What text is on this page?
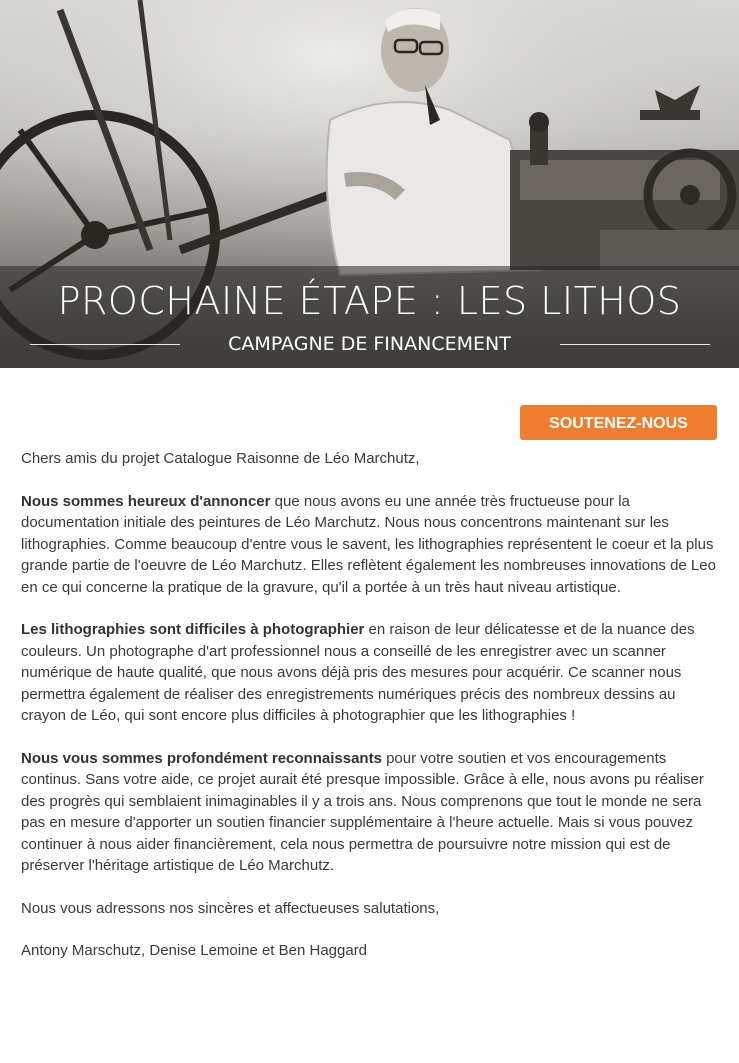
PROCHAINE ÉTAPE : LES LITHOS
CAMPAGNE DE FINANCEMENT
SOUTENEZ-NOUS

Chers amis du projet Catalogue Raisonne de Léo Marchutz,

Nous sommes heureux d'annoncer que nous avons eu une année très fructueuse pour la documentation initiale des peintures de Léo Marchutz. Nous nous concentrons maintenant sur les lithographies. Comme beaucoup d'entre vous le savent, les lithographies représentent le coeur et la plus grande partie de l'oeuvre de Léo Marchutz. Elles reflètent également les nombreuses innovations de Leo en ce qui concerne la pratique de la gravure, qu'il a portée à un très haut niveau artistique.

Les lithographies sont difficiles à photographier en raison de leur délicatesse et de la nuance des couleurs. Un photographe d'art professionnel nous a conseillé de les enregistrer avec un scanner numérique de haute qualité, que nous avons déjà pris des mesures pour acquérir. Ce scanner nous permettra également de réaliser des enregistrements numériques précis des nombreux dessins au crayon de Léo, qui sont encore plus difficiles à photographier que les lithographies !

Nous vous sommes profondément reconnaissants pour votre soutien et vos encouragements continus. Sans votre aide, ce projet aurait été presque impossible. Grâce à elle, nous avons pu réaliser des progrès qui semblaient inimaginables il y a trois ans. Nous comprenons que tout le monde ne sera pas en mesure d'apporter un soutien financier supplémentaire à l'heure actuelle. Mais si vous pouvez continuer à nous aider financièrement, cela nous permettra de poursuivre notre mission qui est de préserver l'héritage artistique de Léo Marchutz.

Nous vous adressons nos sincères et affectueuses salutations,

Antony Marschutz, Denise Lemoine et Ben Haggard
